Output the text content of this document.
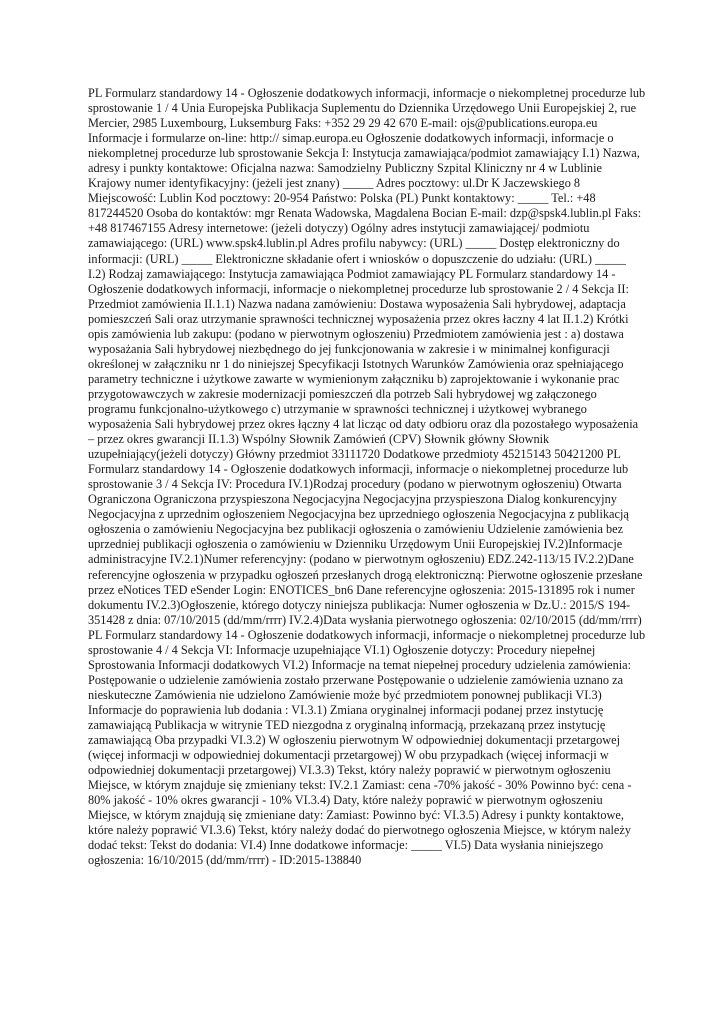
PL Formularz standardowy 14 - Ogłoszenie dodatkowych informacji, informacje o niekompletnej procedurze lub
sprostowanie 1 / 4 Unia Europejska Publikacja Suplementu do Dziennika Urzędowego Unii Europejskiej 2, rue
Mercier, 2985 Luxembourg, Luksemburg Faks: +352 29 29 42 670 E-mail: ojs@publications.europa.eu
Informacje i formularze on-line: http:// simap.europa.eu Ogłoszenie dodatkowych informacji, informacje o
niekompletnej procedurze lub sprostowanie Sekcja I: Instytucja zamawiająca/podmiot zamawiający I.1) Nazwa,
adresy i punkty kontaktowe: Oficjalna nazwa: Samodzielny Publiczny Szpital Kliniczny nr 4 w Lublinie
Krajowy numer identyfikacyjny: (jeżeli jest znany) _____ Adres pocztowy: ul.Dr K Jaczewskiego 8
Miejscowość: Lublin Kod pocztowy: 20-954 Państwo: Polska (PL) Punkt kontaktowy: _____ Tel.: +48
817244520 Osoba do kontaktów: mgr Renata Wadowska, Magdalena Bocian E-mail: dzp@spsk4.lublin.pl Faks:
+48 817467155 Adresy internetowe: (jeżeli dotyczy) Ogólny adres instytucji zamawiającej/ podmiotu
zamawiającego: (URL) www.spsk4.lublin.pl Adres profilu nabywcy: (URL) _____ Dostęp elektroniczny do
informacji: (URL) _____ Elektroniczne składanie ofert i wniosków o dopuszczenie do udziału: (URL) _____
I.2) Rodzaj zamawiającego: Instytucja zamawiająca Podmiot zamawiający PL Formularz standardowy 14 -
Ogłoszenie dodatkowych informacji, informacje o niekompletnej procedurze lub sprostowanie 2 / 4 Sekcja II:
Przedmiot zamówienia II.1.1) Nazwa nadana zamówieniu: Dostawa wyposażenia Sali hybrydowej, adaptacja
pomieszczeń Sali oraz utrzymanie sprawności technicznej wyposażenia przez okres łaczny 4 lat II.1.2) Krótki
opis zamówienia lub zakupu: (podano w pierwotnym ogłoszeniu) Przedmiotem zamówienia jest : a) dostawa
wyposażania Sali hybrydowej niezbędnego do jej funkcjonowania w zakresie i w minimalnej konfiguracji
określonej w załączniku nr 1 do niniejszej Specyfikacji Istotnych Warunków Zamówienia oraz spełniającego
parametry techniczne i użytkowe zawarte w wymienionym załączniku b) zaprojektowanie i wykonanie prac
przygotowawczych w zakresie modernizacji pomieszczeń dla potrzeb Sali hybrydowej wg załączonego
programu funkcjonalno-użytkowego c) utrzymanie w sprawności technicznej i użytkowej wybranego
wyposażenia Sali hybrydowej przez okres łączny 4 lat licząc od daty odbioru oraz dla pozostałego wyposażenia
– przez okres gwarancji II.1.3) Wspólny Słownik Zamówień (CPV) Słownik główny Słownik
uzupełniający(jeżeli dotyczy) Główny przedmiot 33111720 Dodatkowe przedmioty 45215143 50421200 PL
Formularz standardowy 14 - Ogłoszenie dodatkowych informacji, informacje o niekompletnej procedurze lub
sprostowanie 3 / 4 Sekcja IV: Procedura IV.1)Rodzaj procedury (podano w pierwotnym ogłoszeniu) Otwarta
Ograniczona Ograniczona przyspieszona Negocjacyjna Negocjacyjna przyspieszona Dialog konkurencyjny
Negocjacyjna z uprzednim ogłoszeniem Negocjacyjna bez uprzedniego ogłoszenia Negocjacyjna z publikacją
ogłoszenia o zamówieniu Negocjacyjna bez publikacji ogłoszenia o zamówieniu Udzielenie zamówienia bez
uprzedniej publikacji ogłoszenia o zamówieniu w Dzienniku Urzędowym Unii Europejskiej IV.2)Informacje
administracyjne IV.2.1)Numer referencyjny: (podano w pierwotnym ogłoszeniu) EDZ.242-113/15 IV.2.2)Dane
referencyjne ogłoszenia w przypadku ogłoszeń przesłanych drogą elektroniczną: Pierwotne ogłoszenie przesłane
przez eNotices TED eSender Login: ENOTICES_bn6 Dane referencyjne ogłoszenia: 2015-131895 rok i numer
dokumentu IV.2.3)Ogłoszenie, którego dotyczy niniejsza publikacja: Numer ogłoszenia w Dz.U.: 2015/S 194-
351428 z dnia: 07/10/2015 (dd/mm/rrrr) IV.2.4)Data wysłania pierwotnego ogłoszenia: 02/10/2015 (dd/mm/rrrr)
PL Formularz standardowy 14 - Ogłoszenie dodatkowych informacji, informacje o niekompletnej procedurze lub
sprostowanie 4 / 4 Sekcja VI: Informacje uzupełniające VI.1) Ogłoszenie dotyczy: Procedury niepełnej
Sprostowania Informacji dodatkowych VI.2) Informacje na temat niepełnej procedury udzielenia zamówienia:
Postępowanie o udzielenie zamówienia zostało przerwane Postępowanie o udzielenie zamówienia uznano za
nieskuteczne Zamówienia nie udzielono Zamówienie może być przedmiotem ponownej publikacji VI.3)
Informacje do poprawienia lub dodania : VI.3.1) Zmiana oryginalnej informacji podanej przez instytucję
zamawiającą Publikacja w witrynie TED niezgodna z oryginalną informacją, przekazaną przez instytucję
zamawiającą Oba przypadki VI.3.2) W ogłoszeniu pierwotnym W odpowiedniej dokumentacji przetargowej
(więcej informacji w odpowiedniej dokumentacji przetargowej) W obu przypadkach (więcej informacji w
odpowiedniej dokumentacji przetargowej) VI.3.3) Tekst, który należy poprawić w pierwotnym ogłoszeniu
Miejsce, w którym znajduje się zmieniany tekst: IV.2.1 Zamiast: cena -70% jakość - 30% Powinno być: cena -
80% jakość - 10% okres gwarancji - 10% VI.3.4) Daty, które należy poprawić w pierwotnym ogłoszeniu
Miejsce, w którym znajdują się zmieniane daty: Zamiast: Powinno być: VI.3.5) Adresy i punkty kontaktowe,
które należy poprawić VI.3.6) Tekst, który należy dodać do pierwotnego ogłoszenia Miejsce, w którym należy
dodać tekst: Tekst do dodania: VI.4) Inne dodatkowe informacje: _____ VI.5) Data wysłania niniejszego
ogłoszenia: 16/10/2015 (dd/mm/rrrr) - ID:2015-138840
